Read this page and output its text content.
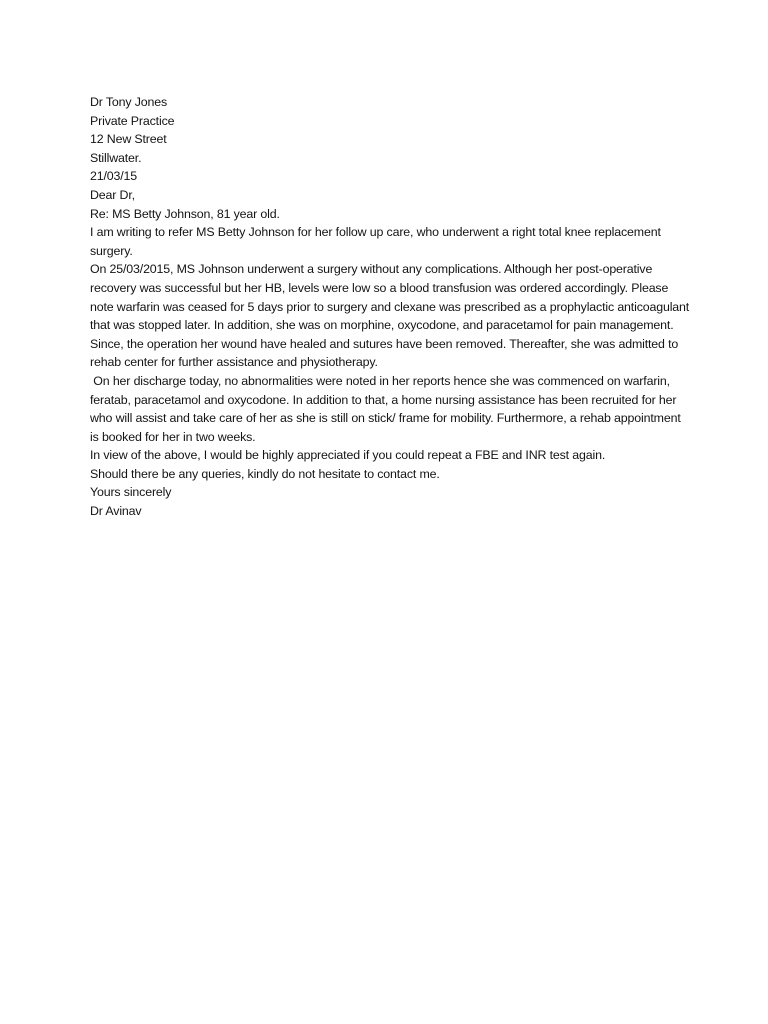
Dr Tony Jones
Private Practice
12 New Street
Stillwater.

21/03/15

Dear Dr,

Re: MS Betty Johnson, 81 year old.

I am writing to refer MS Betty Johnson for her follow up care, who underwent a right total knee replacement surgery.

On 25/03/2015, MS Johnson underwent a surgery without any complications. Although her post-operative recovery was successful but her HB, levels were low so a blood transfusion was ordered accordingly. Please note warfarin was ceased for 5 days prior to surgery and clexane was prescribed as a prophylactic anticoagulant that was stopped later. In addition, she was on morphine, oxycodone, and paracetamol for pain management. Since, the operation her wound have healed and sutures have been removed. Thereafter, she was admitted to rehab center for further assistance and physiotherapy.

On her discharge today, no abnormalities were noted in her reports hence she was commenced on warfarin, feratab, paracetamol and oxycodone. In addition to that, a home nursing assistance has been recruited for her who will assist and take care of her as she is still on stick/ frame for mobility. Furthermore, a rehab appointment is booked for her in two weeks.

In view of the above, I would be highly appreciated if you could repeat a FBE and INR test again.

Should there be any queries, kindly do not hesitate to contact me.

Yours sincerely

Dr Avinav
